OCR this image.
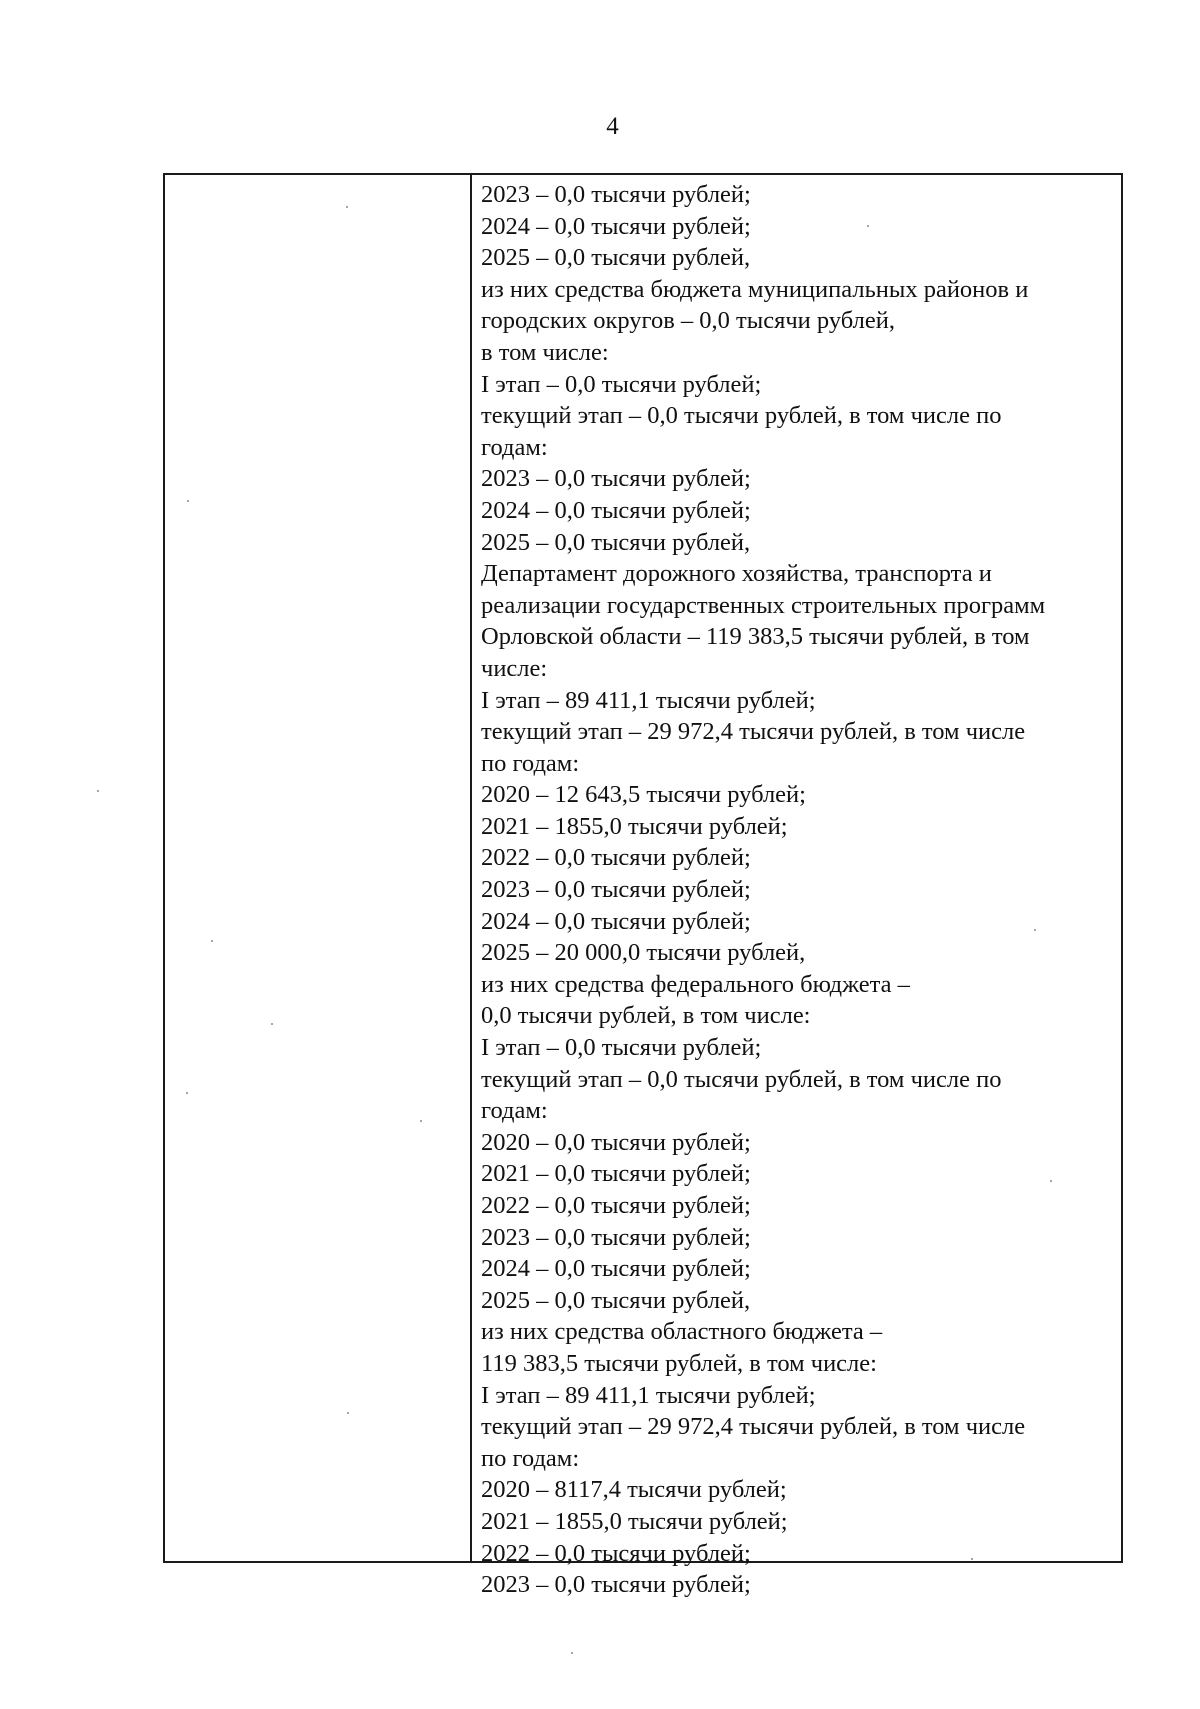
4
2023 – 0,0 тысячи рублей;
2024 – 0,0 тысячи рублей;
2025 – 0,0 тысячи рублей,
из них средства бюджета муниципальных районов и
городских округов – 0,0 тысячи рублей,
в том числе:
I этап – 0,0 тысячи рублей;
текущий этап – 0,0 тысячи рублей, в том числе по
годам:
2023 – 0,0 тысячи рублей;
2024 – 0,0 тысячи рублей;
2025 – 0,0 тысячи рублей,
Департамент дорожного хозяйства, транспорта и
реализации государственных строительных программ
Орловской области – 119 383,5 тысячи рублей, в том
числе:
I этап – 89 411,1 тысячи рублей;
текущий этап – 29 972,4 тысячи рублей, в том числе
по годам:
2020 – 12 643,5 тысячи рублей;
2021 – 1855,0 тысячи рублей;
2022 – 0,0 тысячи рублей;
2023 – 0,0 тысячи рублей;
2024 – 0,0 тысячи рублей;
2025 – 20 000,0 тысячи рублей,
из них средства федерального бюджета –
0,0 тысячи рублей, в том числе:
I этап – 0,0 тысячи рублей;
текущий этап – 0,0 тысячи рублей, в том числе по
годам:
2020 – 0,0 тысячи рублей;
2021 – 0,0 тысячи рублей;
2022 – 0,0 тысячи рублей;
2023 – 0,0 тысячи рублей;
2024 – 0,0 тысячи рублей;
2025 – 0,0 тысячи рублей,
из них средства областного бюджета –
119 383,5 тысячи рублей, в том числе:
I этап – 89 411,1 тысячи рублей;
текущий этап – 29 972,4 тысячи рублей, в том числе
по годам:
2020 – 8117,4 тысячи рублей;
2021 – 1855,0 тысячи рублей;
2022 – 0,0 тысячи рублей;
2023 – 0,0 тысячи рублей;
